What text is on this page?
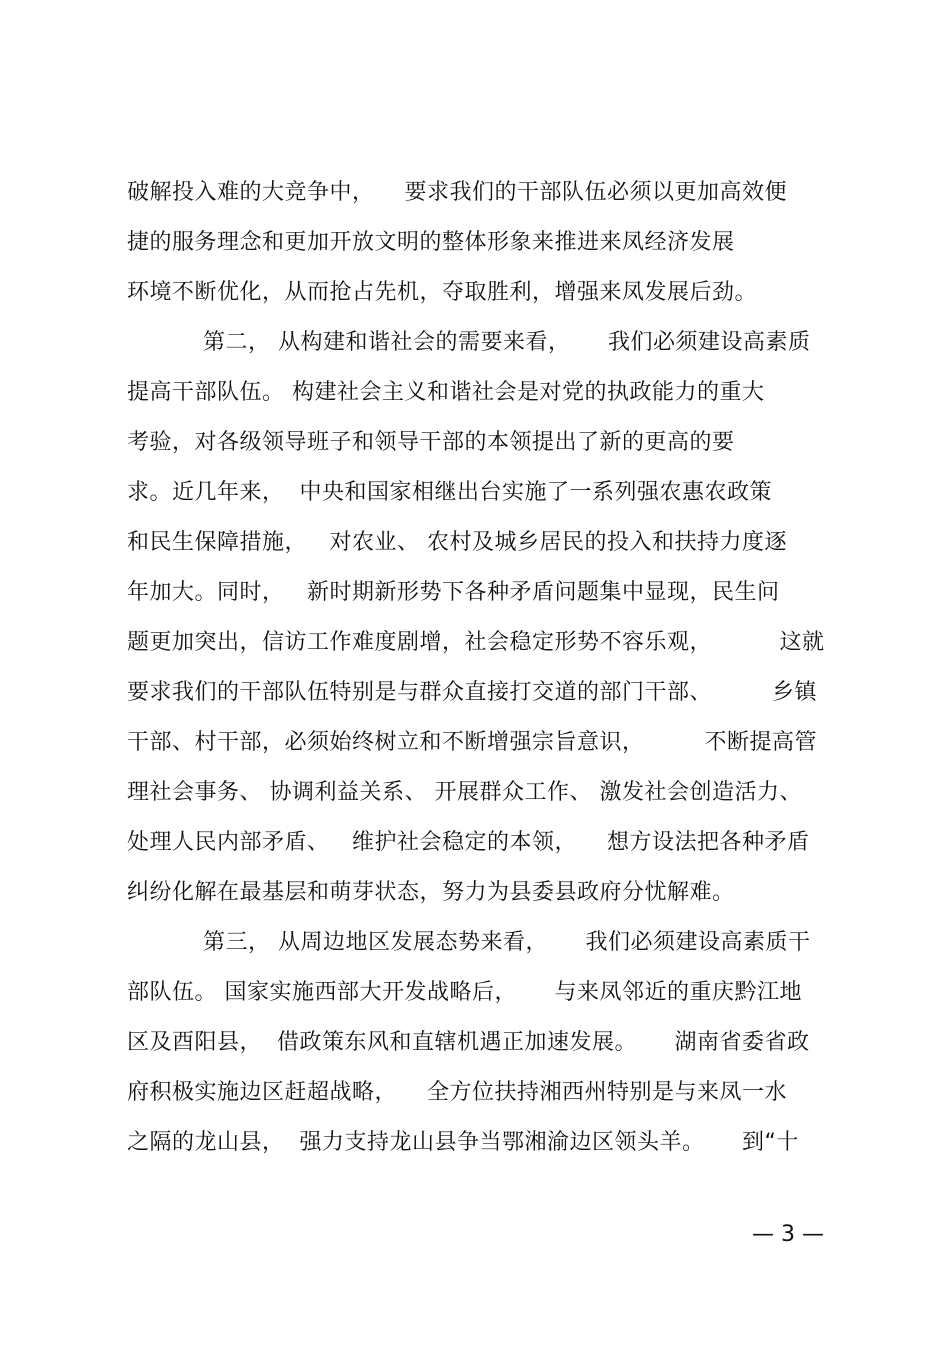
破解投入难的大竞争中，    要求我们的干部队伍必须以更加高效便
捷的服务理念和更加开放文明的整体形象来推进来凤经济发展
环境不断优化，从而抢占先机，夺取胜利，增强来凤发展后劲。
第二， 从构建和谐社会的需要来看，     我们必须建设高素质
提高干部队伍。 构建社会主义和谐社会是对党的执政能力的重大
考验，对各级领导班子和领导干部的本领提出了新的更高的要
求。近几年来，  中央和国家相继出台实施了一系列强农惠农政策
和民生保障措施，   对农业、 农村及城乡居民的投入和扶持力度逐
年加大。同时，   新时期新形势下各种矛盾问题集中显现，民生问
题更加突出，信访工作难度剧增，社会稳定形势不容乐观，         这就
要求我们的干部队伍特别是与群众直接打交道的部门干部、        乡镇
干部、村干部，必须始终树立和不断增强宗旨意识，        不断提高管
理社会事务、 协调利益关系、 开展群众工作、 激发社会创造活力、
处理人民内部矛盾、   维护社会稳定的本领，    想方设法把各种矛盾
纠纷化解在最基层和萌芽状态，努力为县委县政府分忧解难。
第三， 从周边地区发展态势来看，     我们必须建设高素质干
部队伍。 国家实施西部大开发战略后，     与来凤邻近的重庆黔江地
区及酉阳县，  借政策东风和直辖机遇正加速发展。     湖南省委省政
府积极实施边区赶超战略，    全方位扶持湘西州特别是与来凤一水
之隔的龙山县，  强力支持龙山县争当鄂湘渝边区领头羊。     到“十
— 3 —
